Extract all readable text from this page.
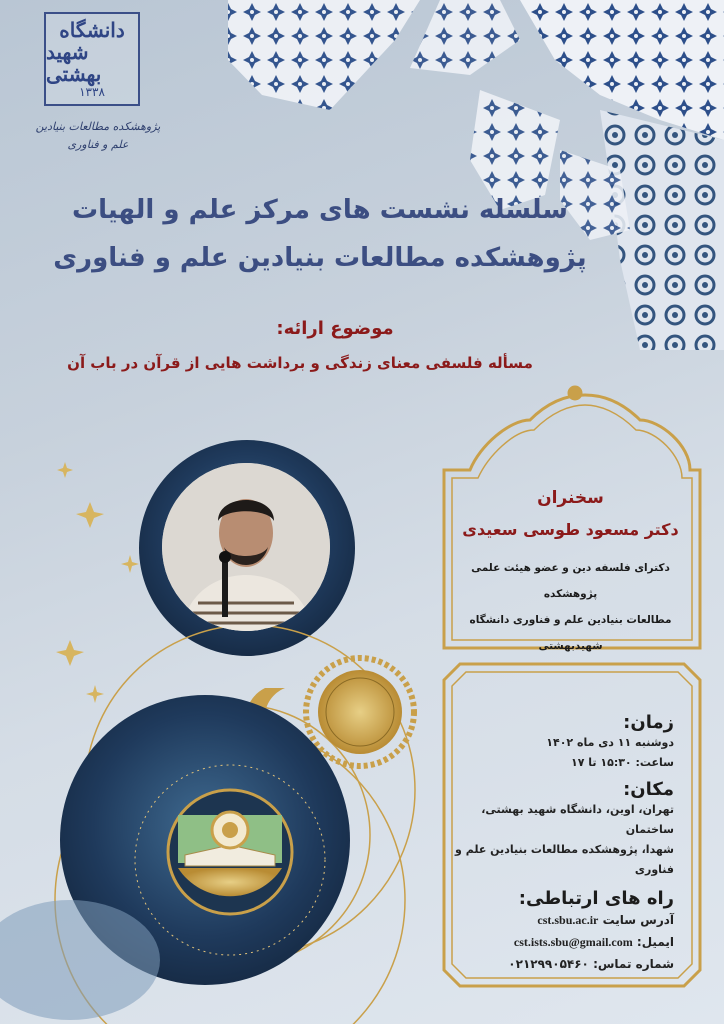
دانشگاه
شهید بهشتی
۱۳۳۸
پژوهشکده مطالعات بنیادین
علم و فناوری
سلسله نشست های مرکز علم و الهیات
پژوهشکده مطالعات بنیادین علم و فناوری
موضوع ارائه:
مسأله فلسفی معنای زندگی و برداشت هایی از قرآن در باب آن
سخنران
دکتر مسعود طوسی سعیدی
دکترای فلسفه دین و عضو هیئت علمی پژوهشکده
مطالعات بنیادین علم و فناوری دانشگاه شهیدبهشتی
زمان:
دوشنبه ۱۱ دی ماه ۱۴۰۲
ساعت: ۱۵:۳۰ تا ۱۷
مکان:
تهران، اوین، دانشگاه شهید بهشتی، ساختمان
شهدا، پژوهشکده مطالعات بنیادین علم و فناوری
راه های ارتباطی:
آدرس سایت cst.sbu.ac.ir
ایمیل: cst.ists.sbu@gmail.com
شماره تماس: ۰۲۱۲۹۹۰۵۴۶۰
